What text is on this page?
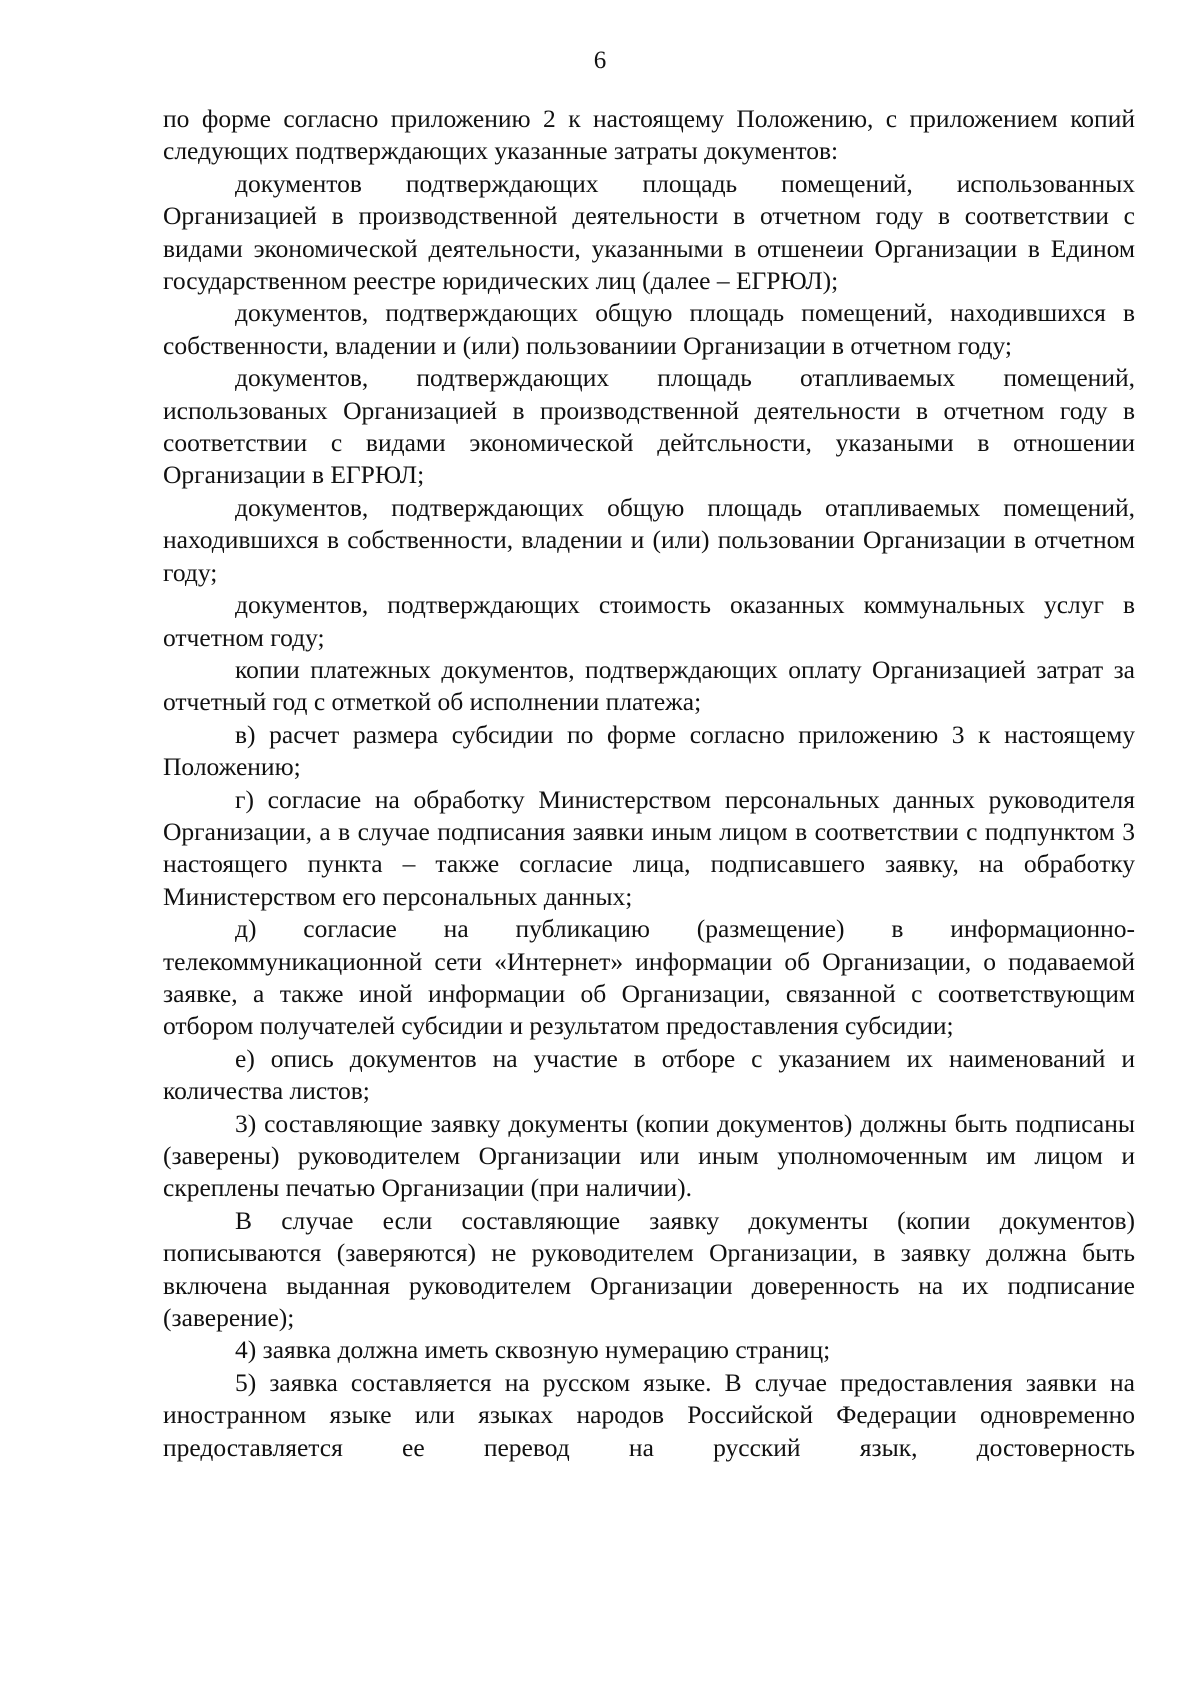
6

по форме согласно приложению 2 к настоящему Положению, с приложением копий следующих подтверждающих указанные затраты документов:

документов подтверждающих площадь помещений, использованных Организацией в производственной деятельности в отчетном году в соответствии с видами экономической деятельности, указанными в отшенеии Организации в Едином государственном реестре юридических лиц (далее – ЕГРЮЛ);

документов, подтверждающих общую площадь помещений, находившихся в собственности, владении и (или) пользованиии Организации в отчетном году;

документов, подтверждающих площадь отапливаемых помещений, использованых Организацией в производственной деятельности в отчетном году в соответствии с видами экономической дейтсльности, указаными в отношении Организации в ЕГРЮЛ;

документов, подтверждающих общую площадь отапливаемых помещений, находившихся в собственности, владении и (или) пользовании Организации в отчетном году;

документов, подтверждающих стоимость оказанных коммунальных услуг в отчетном году;

копии платежных документов, подтверждающих оплату Организацией затрат за отчетный год с отметкой об исполнении платежа;

в) расчет размера субсидии по форме согласно приложению 3 к настоящему Положению;

г) согласие на обработку Министерством персональных данных руководителя Организации, а в случае подписания заявки иным лицом в соответствии с подпунктом 3 настоящего пункта – также согласие лица, подписавшего заявку, на обработку Министерством его персональных данных;

д) согласие на публикацию (размещение) в информационно-телекоммуникационной сети «Интернет» информации об Организации, о подаваемой заявке, а также иной информации об Организации, связанной с соответствующим отбором получателей субсидии и результатом предоставления субсидии;

е) опись документов на участие в отборе с указанием их наименований и количества листов;

3) составляющие заявку документы (копии документов) должны быть подписаны (заверены) руководителем Организации или иным уполномоченным им лицом и скреплены печатью Организации (при наличии).

В случае если составляющие заявку документы (копии документов) пописываются (заверяются) не руководителем Организации, в заявку должна быть включена выданная руководителем Организации доверенность на их подписание (заверение);

4) заявка должна иметь сквозную нумерацию страниц;

5) заявка составляется на русском языке. В случае предоставления заявки на иностранном языке или языках народов Российской Федерации одновременно предоставляется ее перевод на русский язык, достоверность
